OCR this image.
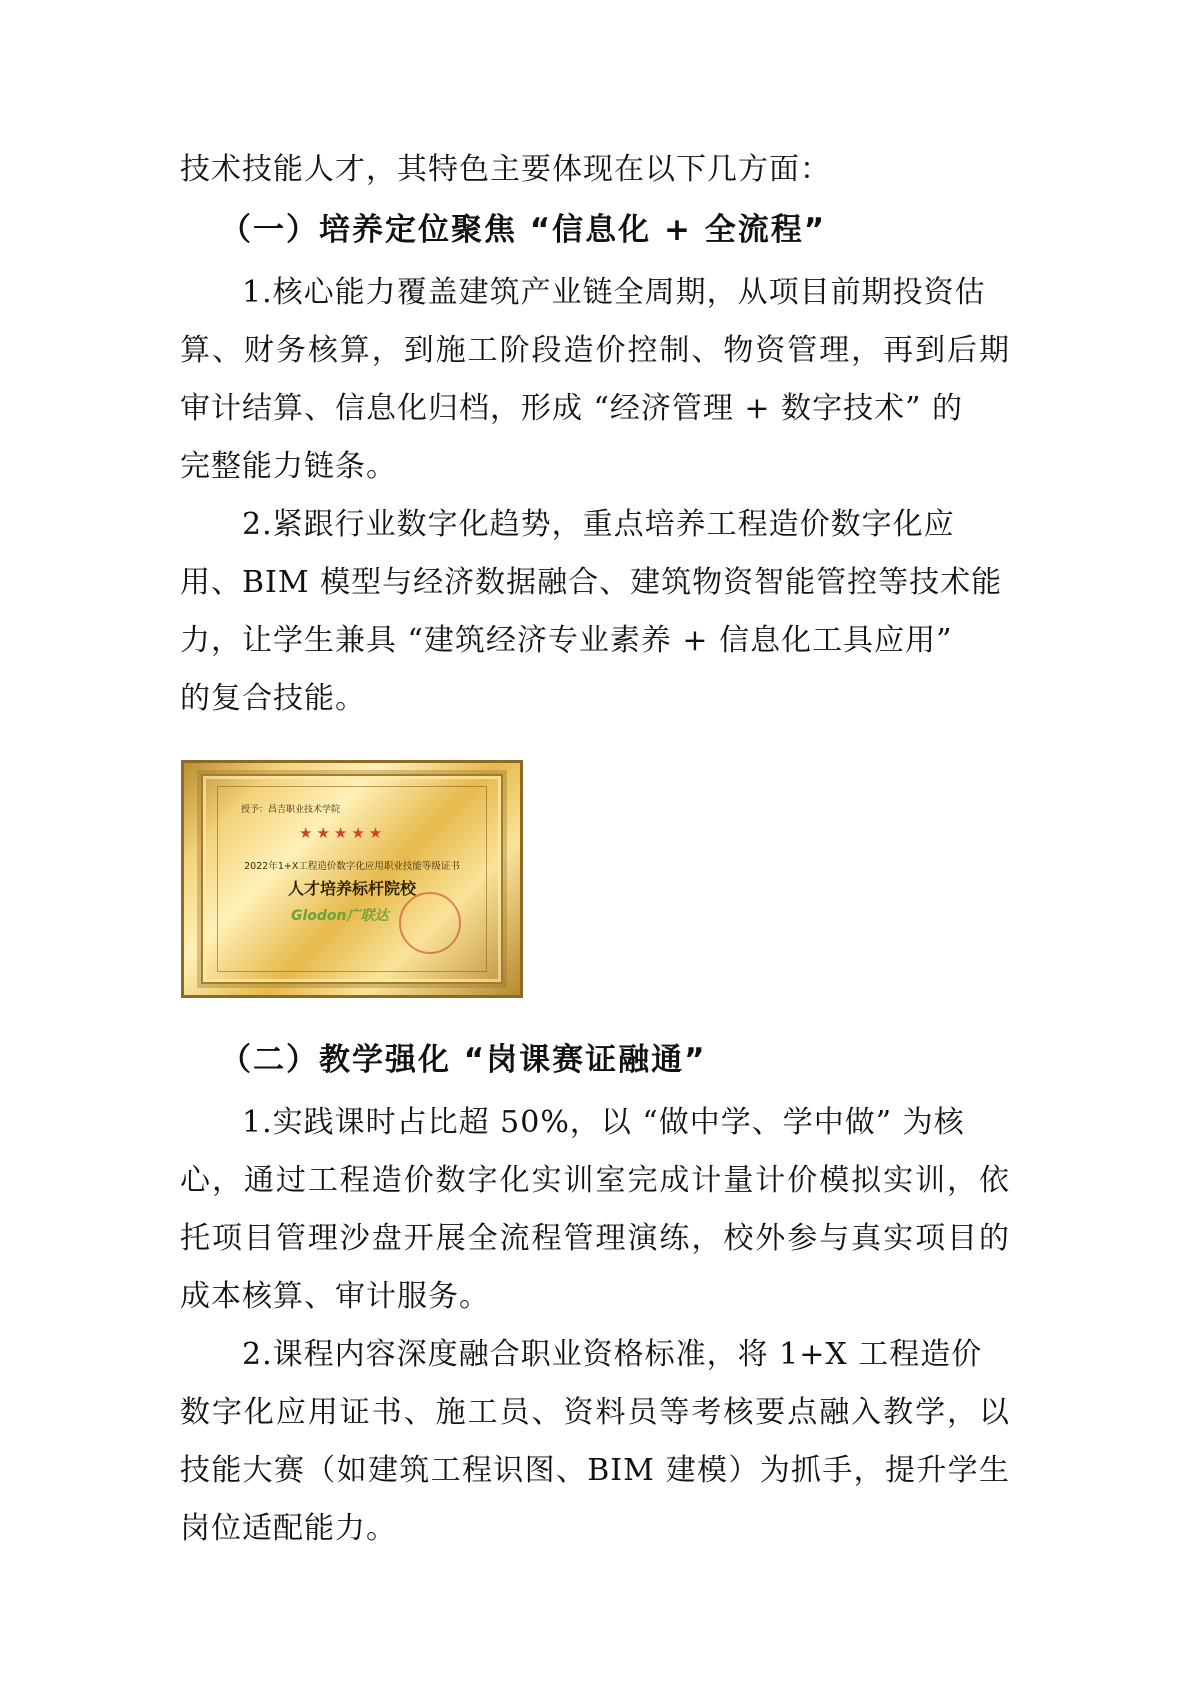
技术技能人才，其特色主要体现在以下几方面：
（一）培养定位聚焦 “信息化 + 全流程”
1.核心能力覆盖建筑产业链全周期，从项目前期投资估
算、财务核算，到施工阶段造价控制、物资管理，再到后期
审计结算、信息化归档，形成 “经济管理 + 数字技术” 的
完整能力链条。
2.紧跟行业数字化趋势，重点培养工程造价数字化应
用、BIM 模型与经济数据融合、建筑物资智能管控等技术能
力，让学生兼具 “建筑经济专业素养 + 信息化工具应用”
的复合技能。
授予：昌吉职业技术学院
★★★★★
2022年1+X工程造价数字化应用职业技能等级证书
人才培养标杆院校
Glodon广联达
（二）教学强化 “岗课赛证融通”
1.实践课时占比超 50%，以 “做中学、学中做” 为核
心，通过工程造价数字化实训室完成计量计价模拟实训，依
托项目管理沙盘开展全流程管理演练，校外参与真实项目的
成本核算、审计服务。
2.课程内容深度融合职业资格标准，将 1+X 工程造价
数字化应用证书、施工员、资料员等考核要点融入教学，以
技能大赛（如建筑工程识图、BIM 建模）为抓手，提升学生
岗位适配能力。
